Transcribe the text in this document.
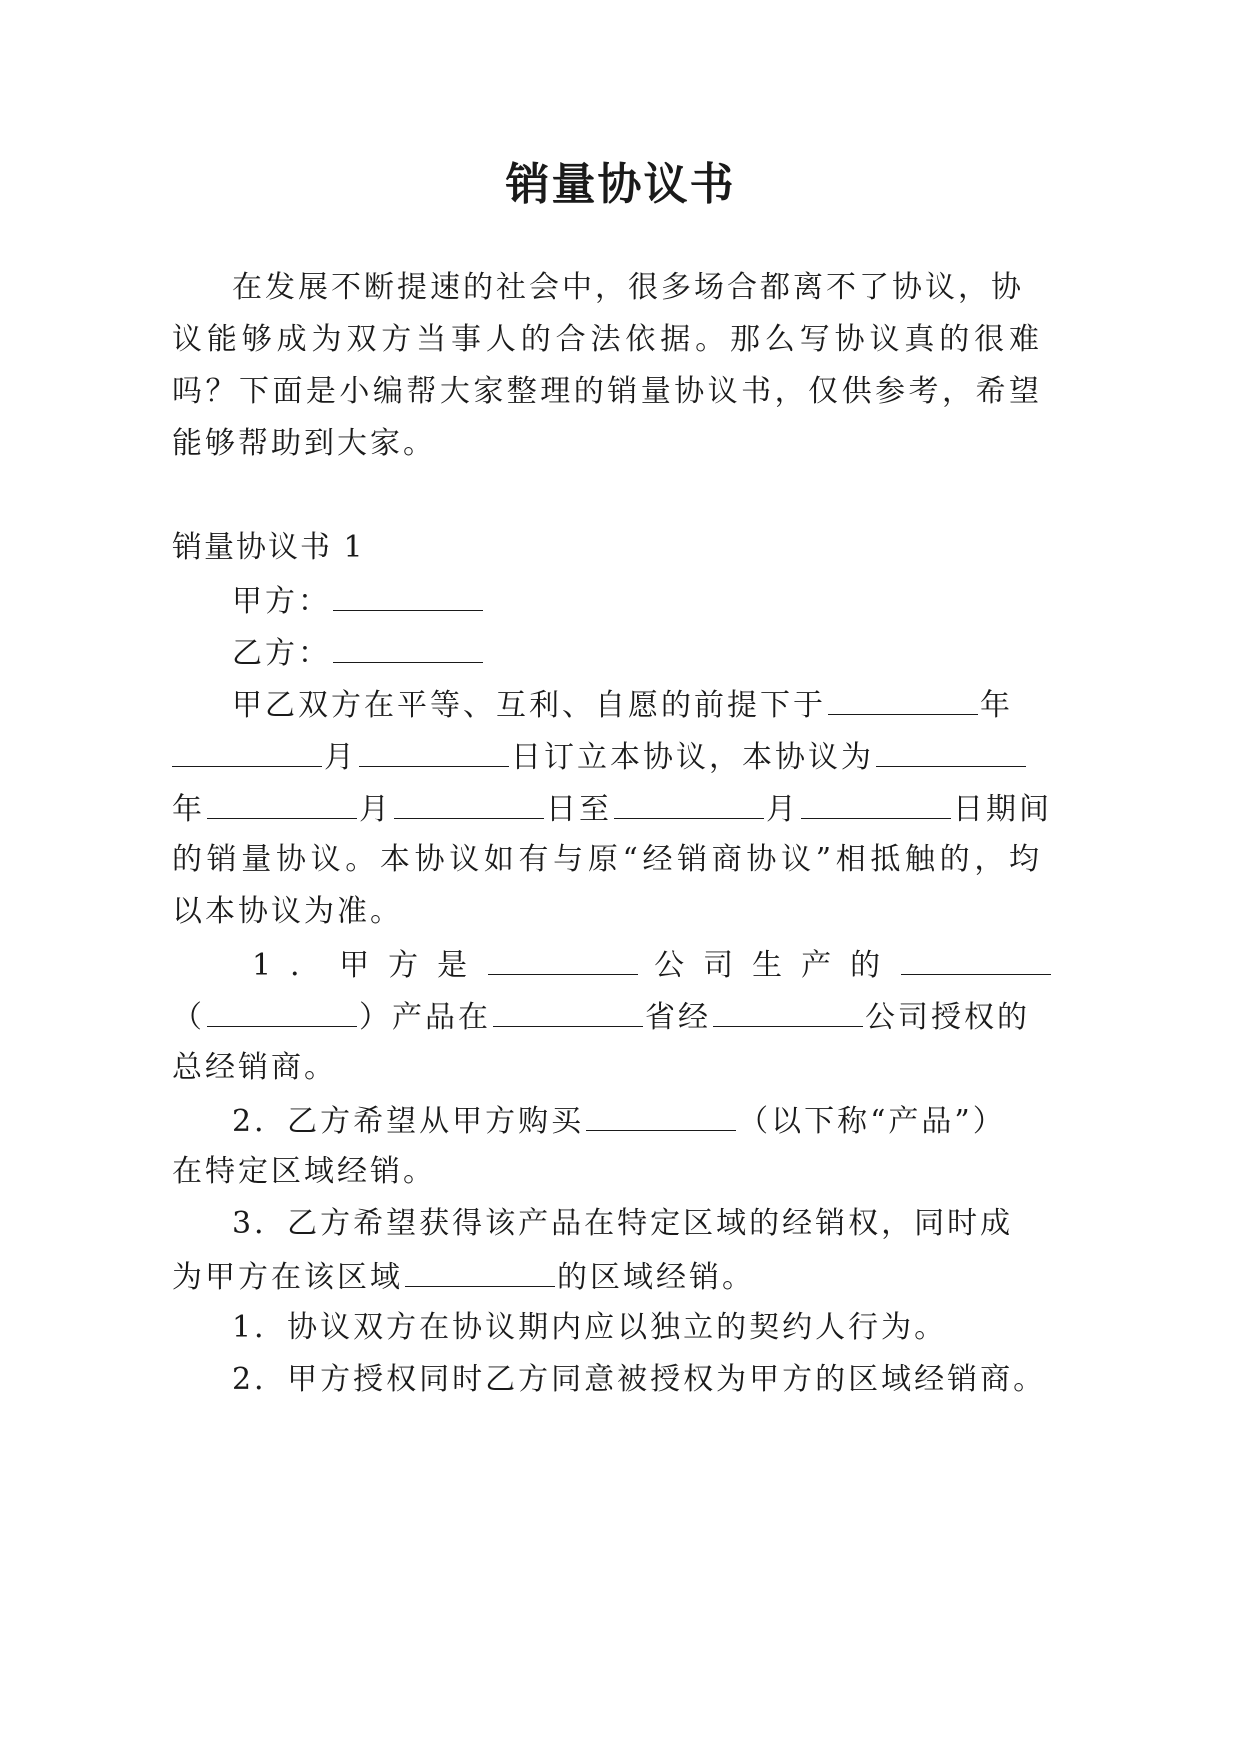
销量协议书
在发展不断提速的社会中，很多场合都离不了协议，协
议能够成为双方当事人的合法依据。那么写协议真的很难
吗？下面是小编帮大家整理的销量协议书，仅供参考，希望
能够帮助到大家。
销量协议书 1
甲方：
乙方：
甲乙双方在平等、互利、自愿的前提下于	年
月	日订立本协议，本协议为
年	月	日至	月	日期间
的销量协议。本协议如有与原“经销商协议”相抵触的，均
以本协议为准。
1．甲方是	公司生产的
（	）产品在	省经	公司授权的
总经销商。
2．乙方希望从甲方购买	（以下称“产品”）
在特定区域经销。
3．乙方希望获得该产品在特定区域的经销权，同时成
为甲方在该区域	的区域经销。
1．协议双方在协议期内应以独立的契约人行为。
2．甲方授权同时乙方同意被授权为甲方的区域经销商。
